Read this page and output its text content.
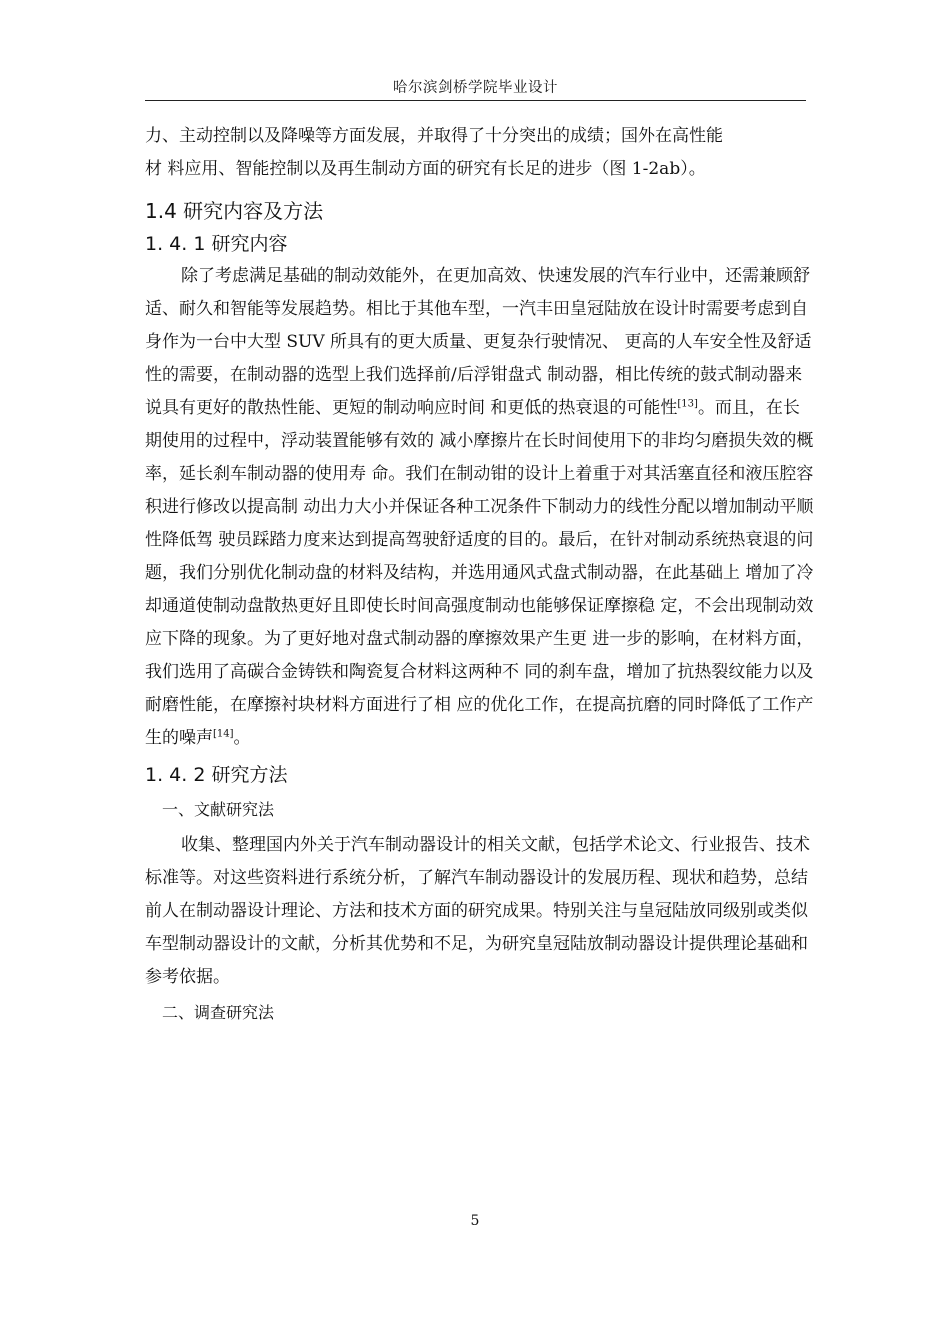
哈尔滨剑桥学院毕业设计

力、主动控制以及降噪等方面发展，并取得了十分突出的成绩；国外在高性能
材 料应用、智能控制以及再生制动方面的研究有长足的进步（图 1-2ab）。

1.4 研究内容及方法
1. 4. 1 研究内容

除了考虑满足基础的制动效能外，在更加高效、快速发展的汽车行业中，还需兼顾舒适、耐久和智能等发展趋势。相比于其他车型，一汽丰田皇冠陆放在设计时需要考虑到自身作为一台中大型 SUV 所具有的更大质量、更复杂行驶情况、 更高的人车安全性及舒适性的需要，在制动器的选型上我们选择前/后浮钳盘式 制动器，相比传统的鼓式制动器来说具有更好的散热性能、更短的制动响应时间 和更低的热衰退的可能性[13]。而且，在长期使用的过程中，浮动装置能够有效的 减小摩擦片在长时间使用下的非均匀磨损失效的概率，延长刹车制动器的使用寿 命。我们在制动钳的设计上着重于对其活塞直径和液压腔容积进行修改以提高制 动出力大小并保证各种工况条件下制动力的线性分配以增加制动平顺性降低驾 驶员踩踏力度来达到提高驾驶舒适度的目的。最后，在针对制动系统热衰退的问 题，我们分别优化制动盘的材料及结构，并选用通风式盘式制动器，在此基础上 增加了冷却通道使制动盘散热更好且即使长时间高强度制动也能够保证摩擦稳 定，不会出现制动效应下降的现象。为了更好地对盘式制动器的摩擦效果产生更 进一步的影响，在材料方面，我们选用了高碳合金铸铁和陶瓷复合材料这两种不 同的刹车盘，增加了抗热裂纹能力以及耐磨性能，在摩擦衬块材料方面进行了相 应的优化工作，在提高抗磨的同时降低了工作产生的噪声[14]。

1. 4. 2 研究方法
一、文献研究法

收集、整理国内外关于汽车制动器设计的相关文献，包括学术论文、行业报告、技术标准等。对这些资料进行系统分析，了解汽车制动器设计的发展历程、现状和趋势，总结前人在制动器设计理论、方法和技术方面的研究成果。特别关注与皇冠陆放同级别或类似车型制动器设计的文献，分析其优势和不足，为研究皇冠陆放制动器设计提供理论基础和参考依据。

二、调查研究法
5
